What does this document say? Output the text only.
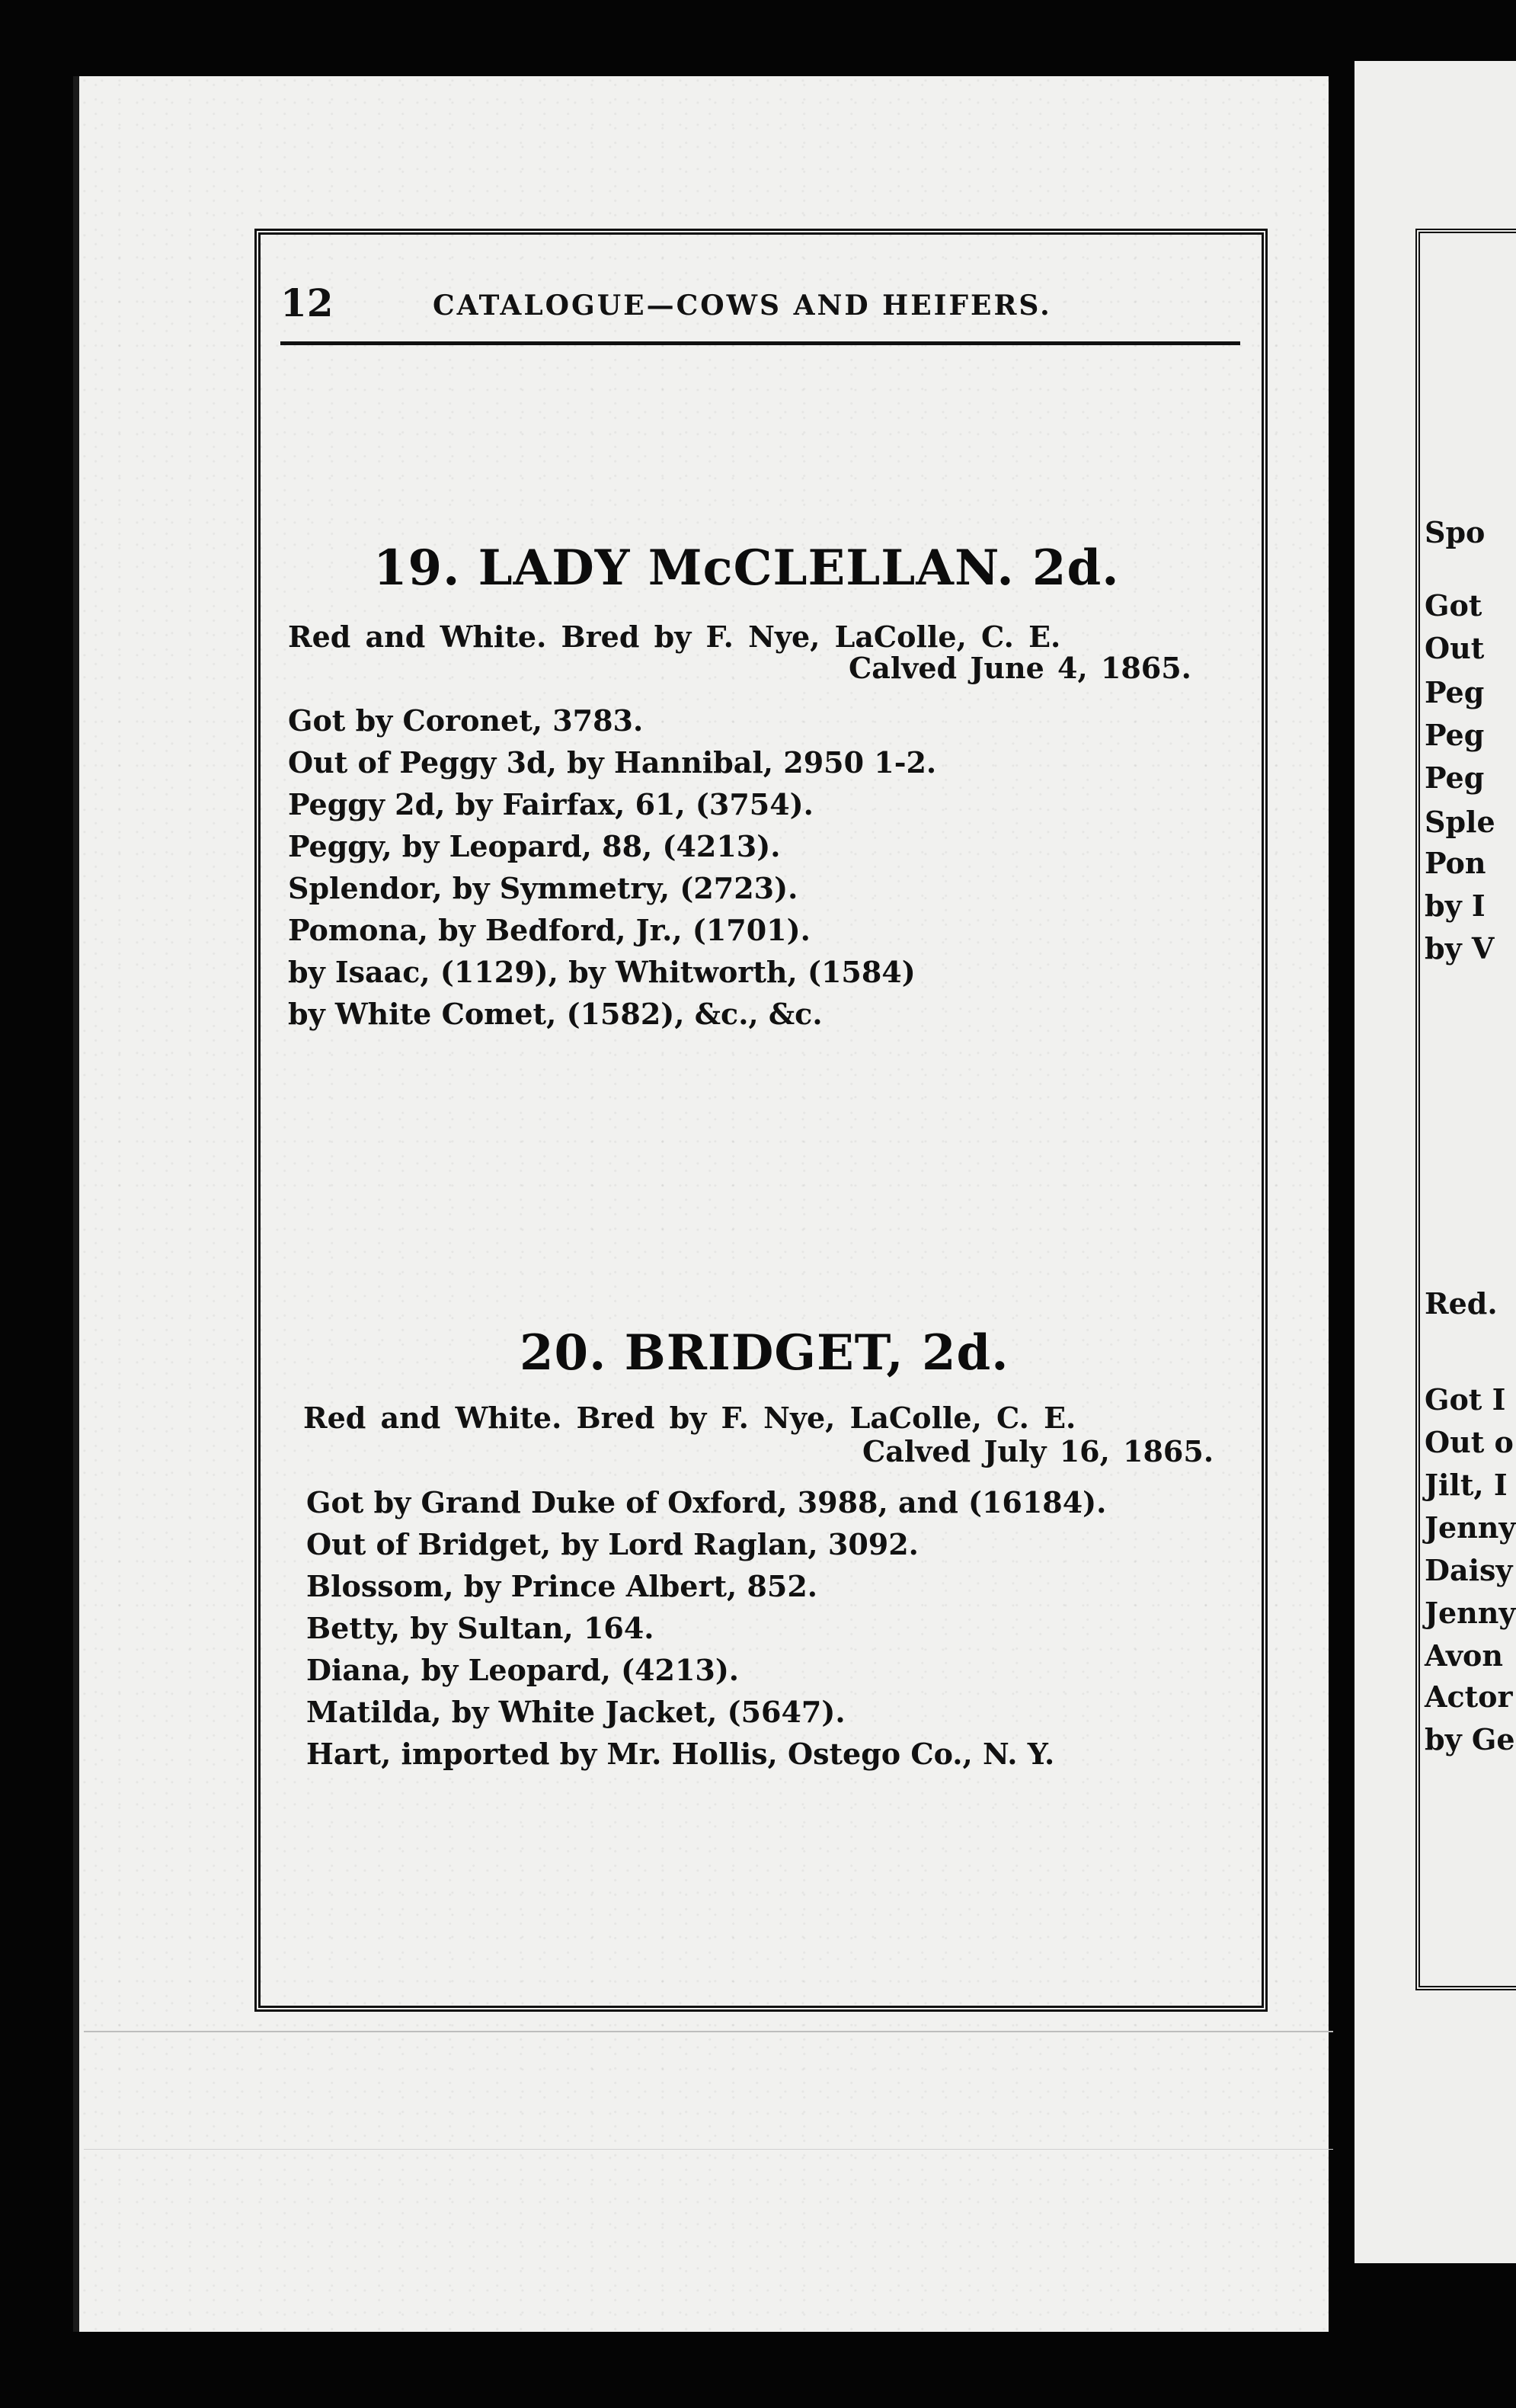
Spo
Got
Out
Peg
Peg
Peg
Sple
Pon
by I
by V
Red.
Got I
Out o
Jilt, I
Jenny
Daisy
Jenny
Avon
Actor
by Ge
12	CATALOGUE—COWS AND HEIFERS.
19. LADY McCLELLAN. 2d.
Red and White. Bred by F. Nye, LaColle, C. E.
Calved June 4, 1865.
Got by Coronet, 3783.
Out of Peggy 3d, by Hannibal, 2950 1-2.
Peggy 2d, by Fairfax, 61, (3754).
Peggy, by Leopard, 88, (4213).
Splendor, by Symmetry, (2723).
Pomona, by Bedford, Jr., (1701).
by Isaac, (1129), by Whitworth, (1584)
by White Comet, (1582), &c., &c.
20. BRIDGET, 2d.
Red and White. Bred by F. Nye, LaColle, C. E.
Calved July 16, 1865.
Got by Grand Duke of Oxford, 3988, and (16184).
Out of Bridget, by Lord Raglan, 3092.
Blossom, by Prince Albert, 852.
Betty, by Sultan, 164.
Diana, by Leopard, (4213).
Matilda, by White Jacket, (5647).
Hart, imported by Mr. Hollis, Ostego Co., N. Y.
